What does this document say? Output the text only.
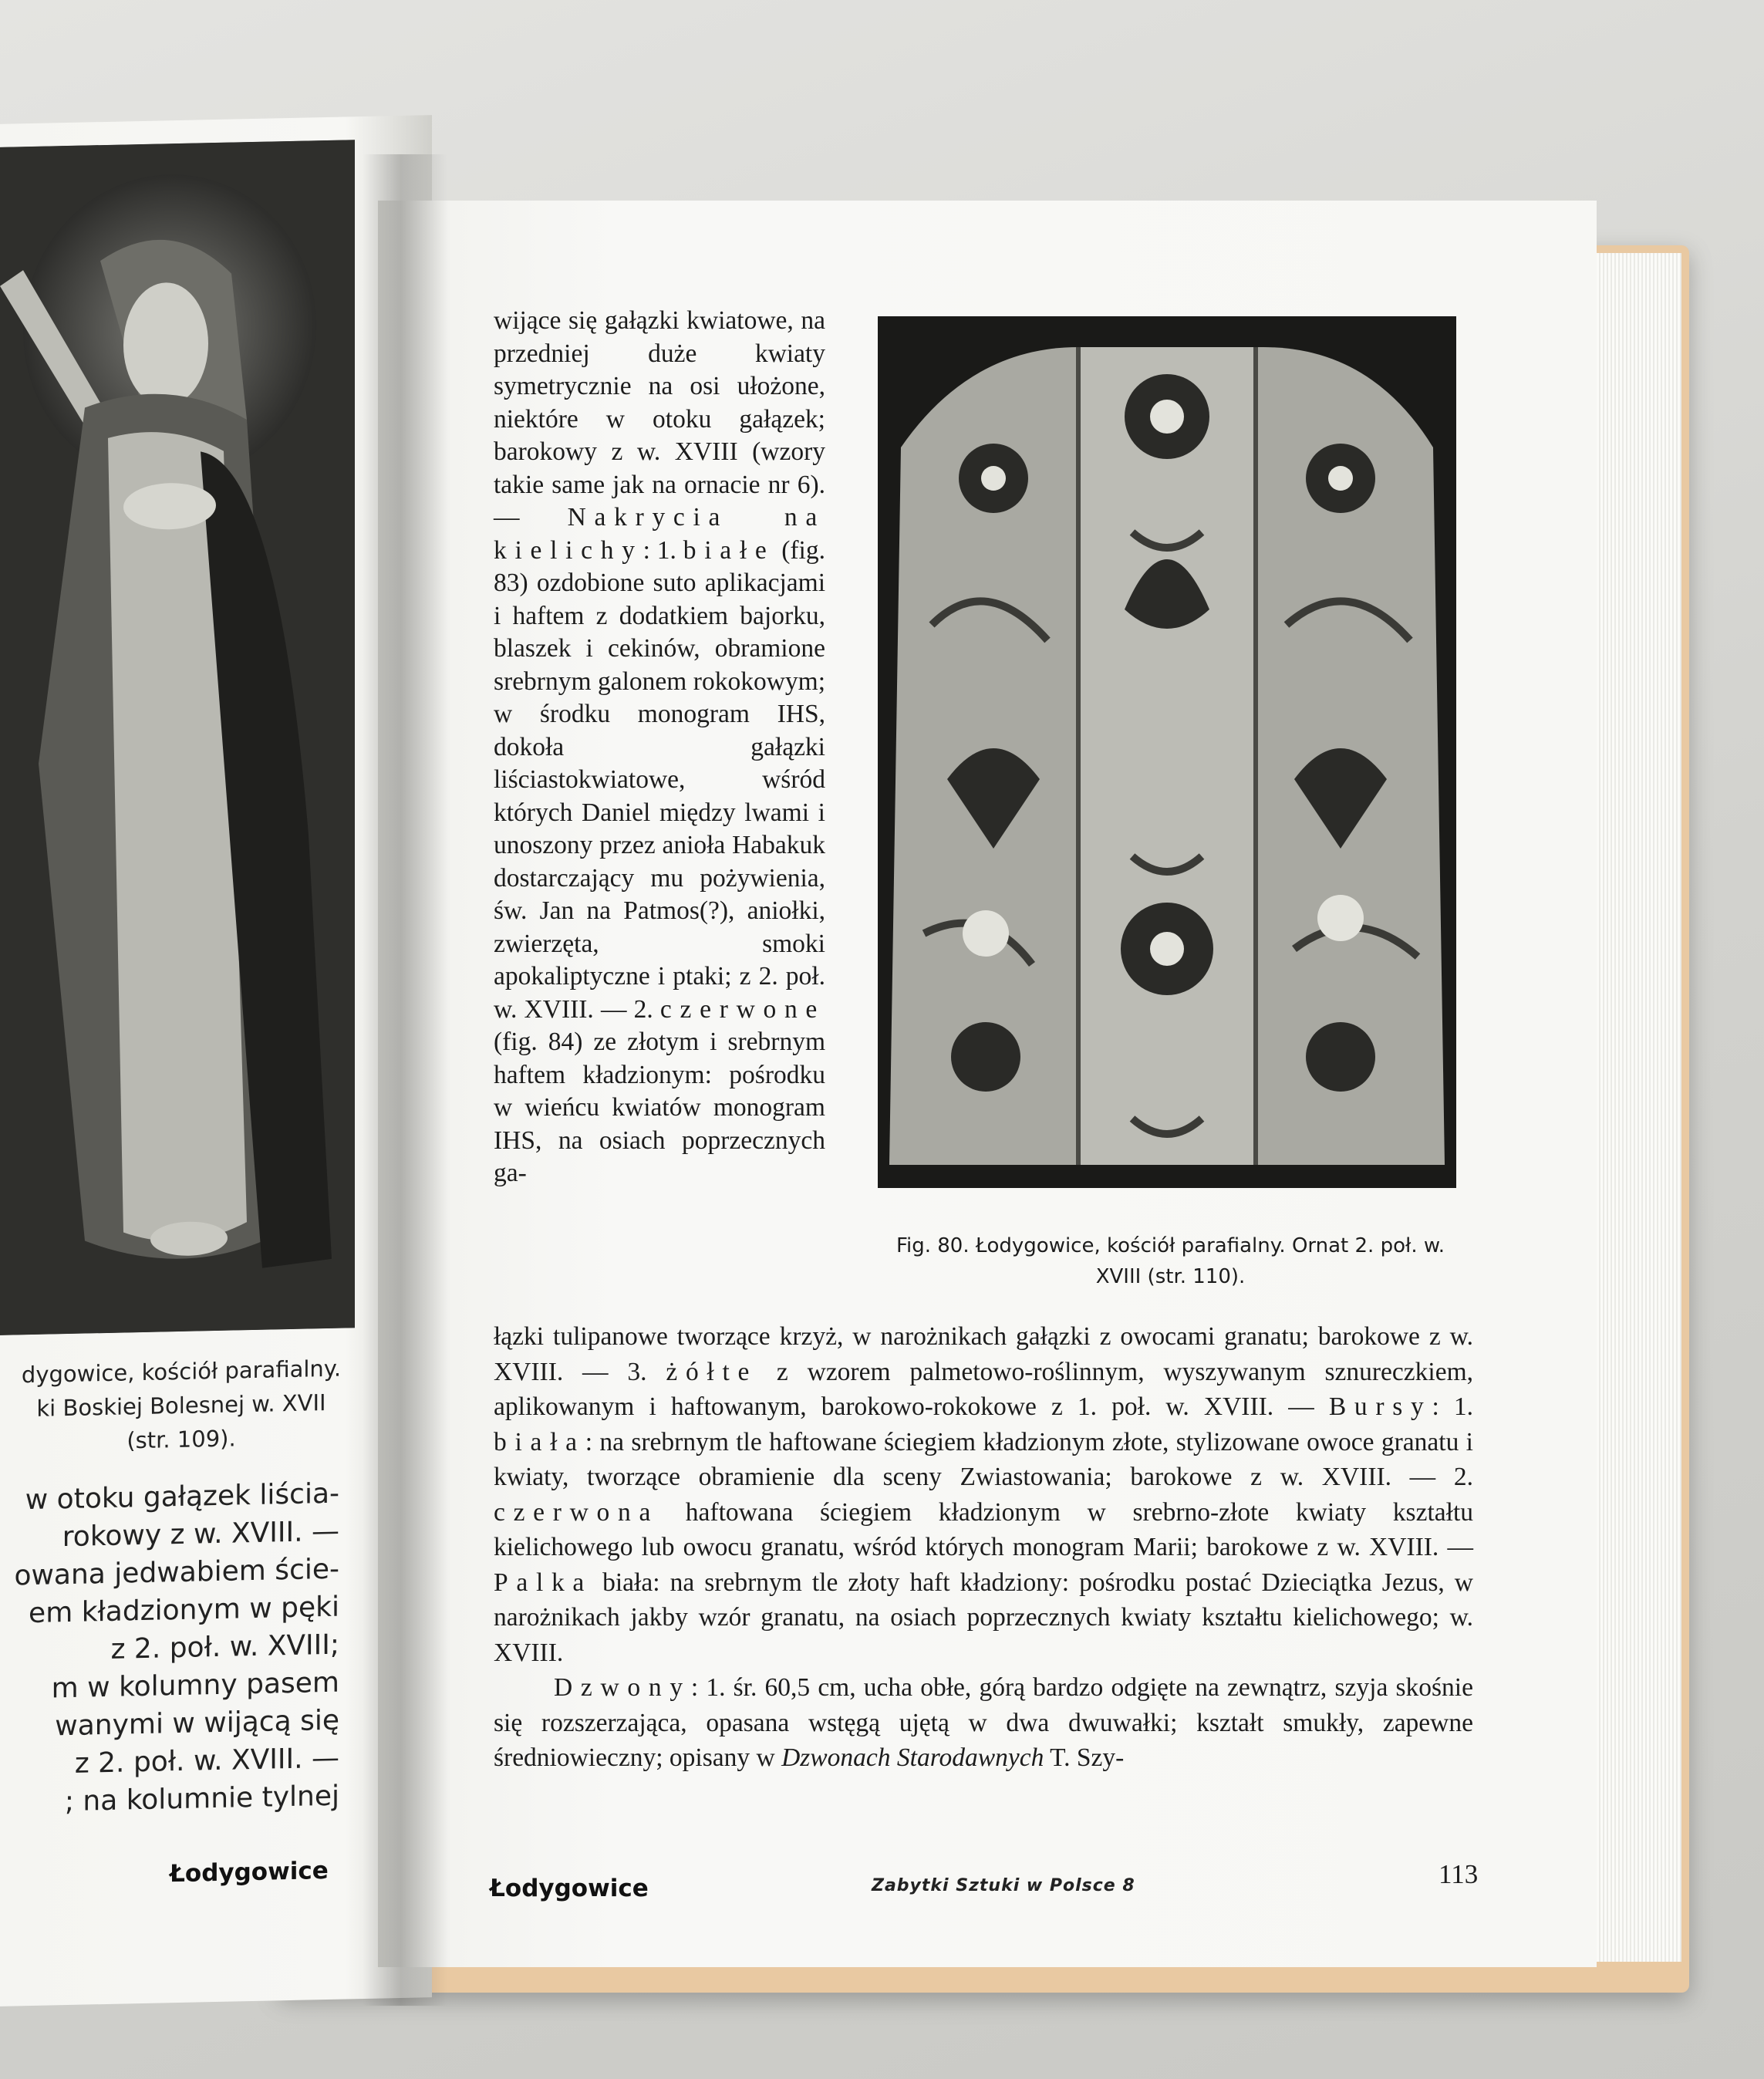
dygowice, kościół parafialny.
ki Boskiej Bolesnej w. XVII
(str. 109).
w otoku gałązek liścia-
rokowy z w. XVIII. —
owana jedwabiem ście-
em kładzionym w pęki
z 2. poł. w. XVIII;
m w kolumny pasem
wanymi w wijącą się
z 2. poł. w. XVIII. —
; na kolumnie tylnej
Łodygowice
wijące się gałązki kwiatowe, na przedniej duże kwiaty symetrycznie na osi ułożone, niektóre w otoku gałązek; barokowy z w. XVIII (wzory takie same jak na ornacie nr 6). — Nakrycia na kielichy: 1. białe (fig. 83) ozdobione suto aplikacjami i haftem z dodatkiem bajorku, blaszek i cekinów, obramione srebrnym galonem rokokowym; w środku monogram IHS, dokoła gałązki liściastokwiatowe, wśród których Daniel między lwami i unoszony przez anioła Habakuk dostarczający mu pożywienia, św. Jan na Patmos(?), aniołki, zwierzęta, smoki apokaliptyczne i ptaki; z 2. poł. w. XVIII. — 2. czerwone (fig. 84) ze złotym i srebrnym haftem kładzionym: pośrodku w wieńcu kwiatów monogram IHS, na osiach poprzecznych ga-
Fig. 80. Łodygowice, kościół parafialny. Ornat 2. poł. w. XVIII (str. 110).

łązki tulipanowe tworzące krzyż, w narożnikach gałązki z owocami granatu; barokowe z w. XVIII. — 3. żółte z wzorem palmetowo-roślinnym, wyszywanym sznureczkiem, aplikowanym i haftowanym, barokowo-rokokowe z 1. poł. w. XVIII. — Bursy: 1. biała: na srebrnym tle haftowane ściegiem kładzionym złote, stylizowane owoce granatu i kwiaty, tworzące obramienie dla sceny Zwiastowania; barokowe z w. XVIII. — 2. czerwona haftowana ściegiem kładzionym w srebrno-złote kwiaty kształtu kielichowego lub owocu granatu, wśród których monogram Marii; barokowe z w. XVIII. — Palka biała: na srebrnym tle złoty haft kładziony: pośrodku postać Dzieciątka Jezus, w narożnikach jakby wzór granatu, na osiach poprzecznych kwiaty kształtu kielichowego; w. XVIII.

Dzwony: 1. śr. 60,5 cm, ucha obłe, górą bardzo odgięte na zewnątrz, szyja skośnie się rozszerzająca, opasana wstęgą ujętą w dwa dwuwałki; kształt smukły, zapewne średniowieczny; opisany w Dzwonach Starodawnych T. Szy-

Łodygowice	Zabytki Sztuki w Polsce 8	113
